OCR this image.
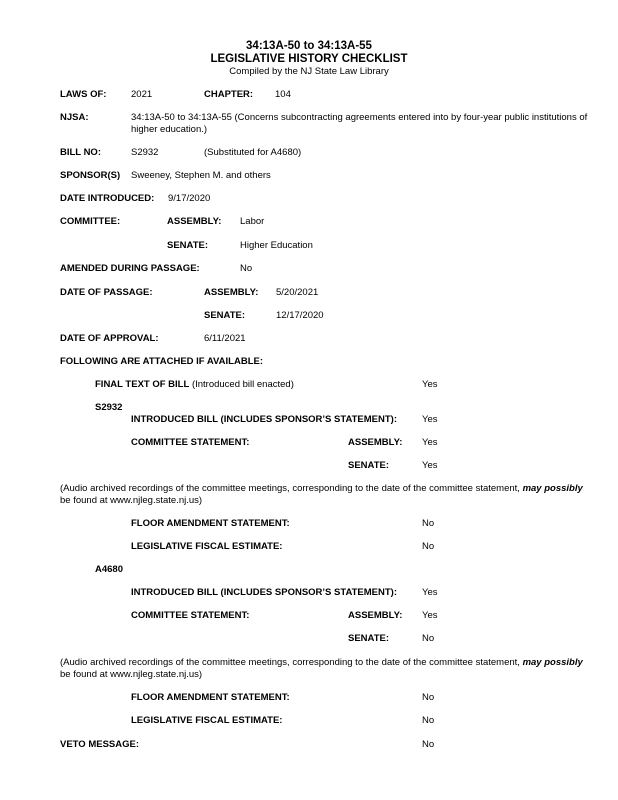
34:13A-50 to 34:13A-55
LEGISLATIVE HISTORY CHECKLIST
Compiled by the NJ State Law Library
LAWS OF:	2021	CHAPTER: 104
NJSA:	34:13A-50 to 34:13A-55 (Concerns subcontracting agreements entered into by four-year public institutions of higher education.)
BILL NO:	S2932	(Substituted for A4680)
SPONSOR(S) Sweeney, Stephen M. and others
DATE INTRODUCED: 9/17/2020
COMMITTEE:	ASSEMBLY: Labor
SENATE:	Higher Education
AMENDED DURING PASSAGE:	No
DATE OF PASSAGE:	ASSEMBLY: 5/20/2021
SENATE:	12/17/2020
DATE OF APPROVAL:	6/11/2021
FOLLOWING ARE ATTACHED IF AVAILABLE:
FINAL TEXT OF BILL (Introduced bill enacted)	Yes
S2932
INTRODUCED BILL (INCLUDES SPONSOR’S STATEMENT):	Yes
COMMITTEE STATEMENT:	ASSEMBLY: Yes
SENATE:	Yes
(Audio archived recordings of the committee meetings, corresponding to the date of the committee statement, may possibly
be found at www.njleg.state.nj.us)
FLOOR AMENDMENT STATEMENT:	No
LEGISLATIVE FISCAL ESTIMATE:	No
A4680
INTRODUCED BILL (INCLUDES SPONSOR’S STATEMENT):	Yes
COMMITTEE STATEMENT:	ASSEMBLY: Yes
SENATE:	No
(Audio archived recordings of the committee meetings, corresponding to the date of the committee statement, may possibly
be found at www.njleg.state.nj.us)
FLOOR AMENDMENT STATEMENT:	No
LEGISLATIVE FISCAL ESTIMATE:	No
VETO MESSAGE:	No
